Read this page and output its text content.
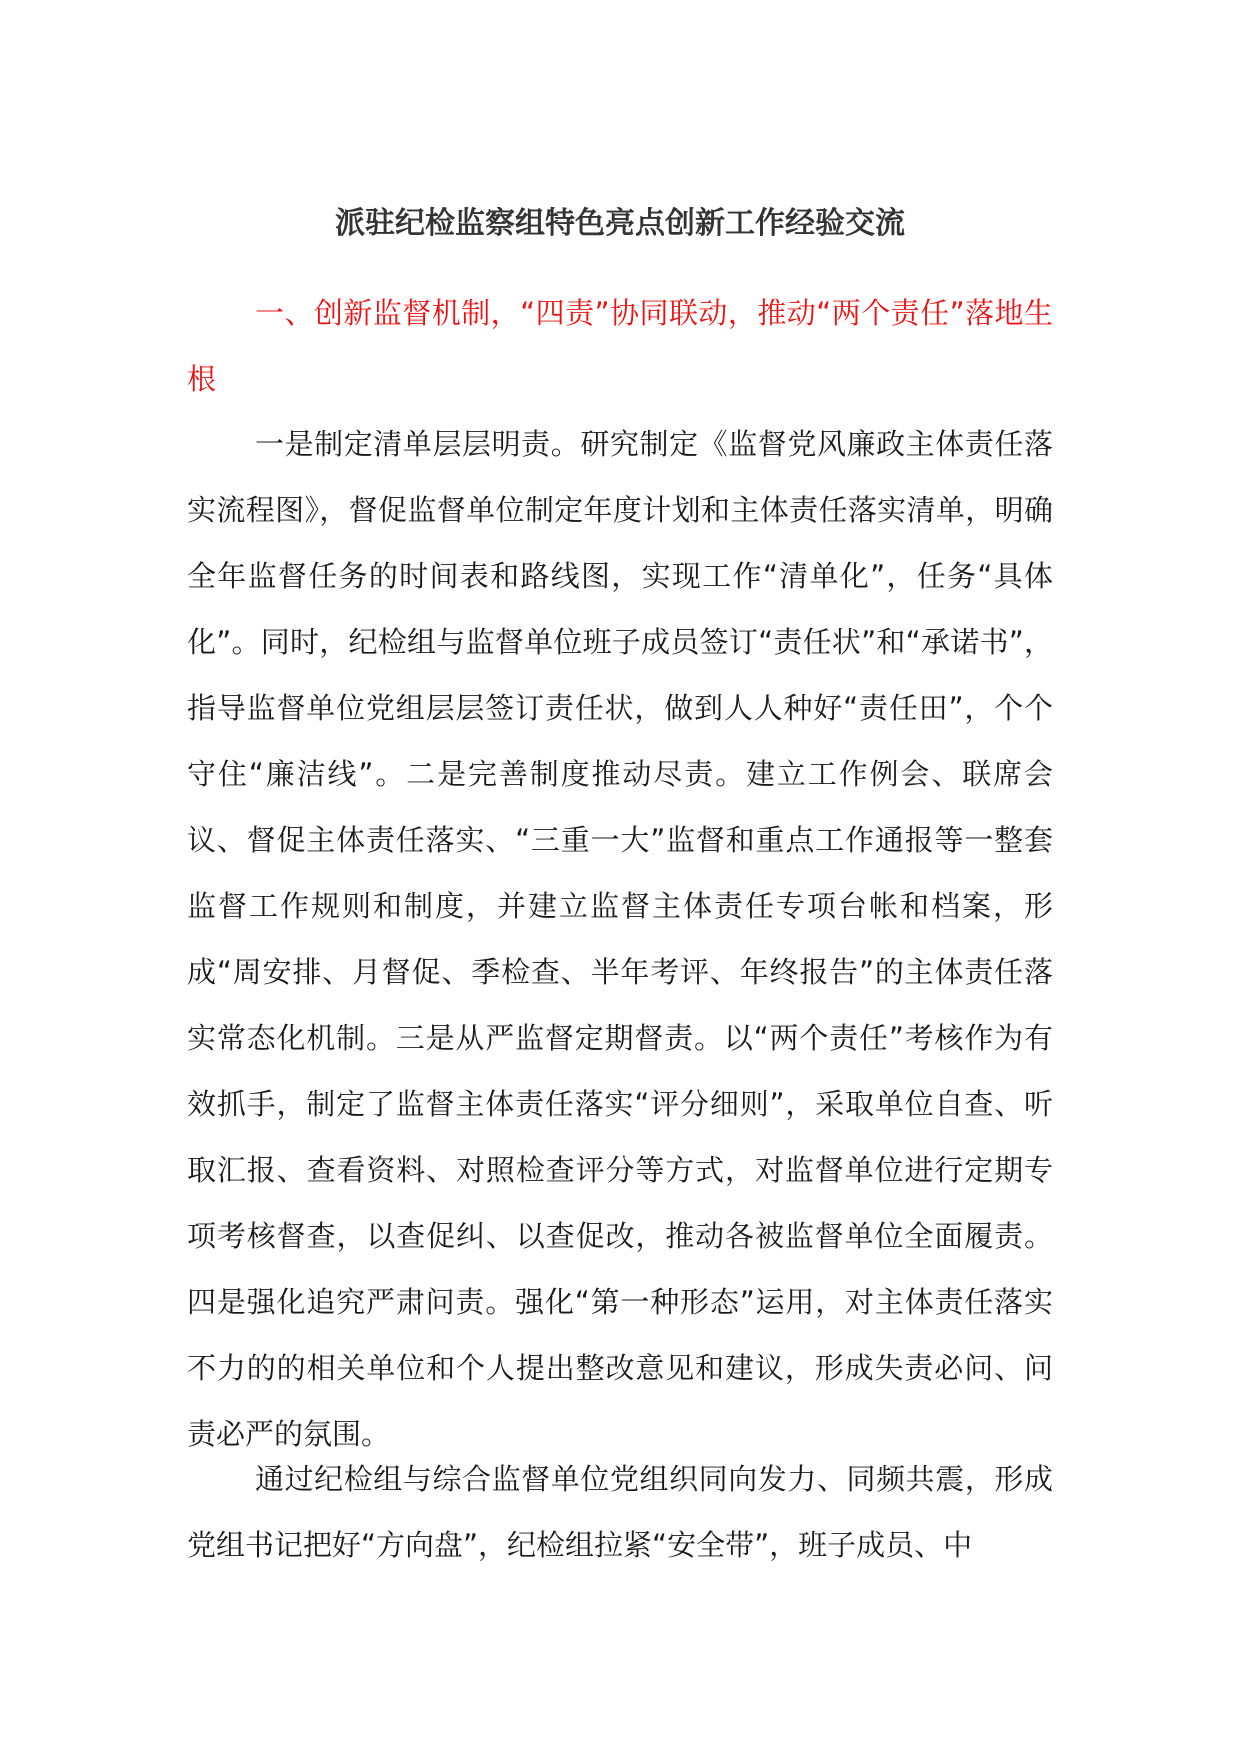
派驻纪检监察组特色亮点创新工作经验交流
一、创新监督机制，“四责”协同联动，推动“两个责任”落地生根

一是制定清单层层明责。研究制定《监督党风廉政主体责任落实流程图》，督促监督单位制定年度计划和主体责任落实清单，明确全年监督任务的时间表和路线图，实现工作“清单化”，任务“具体化”。同时，纪检组与监督单位班子成员签订“责任状”和“承诺书”，指导监督单位党组层层签订责任状，做到人人种好“责任田”，个个守住“廉洁线”。二是完善制度推动尽责。建立工作例会、联席会议、督促主体责任落实、“三重一大”监督和重点工作通报等一整套监督工作规则和制度，并建立监督主体责任专项台帐和档案，形成“周安排、月督促、季检查、半年考评、年终报告”的主体责任落实常态化机制。三是从严监督定期督责。以“两个责任”考核作为有效抓手，制定了监督主体责任落实“评分细则”，采取单位自查、听取汇报、查看资料、对照检查评分等方式，对监督单位进行定期专项考核督查，以查促纠、以查促改，推动各被监督单位全面履责。四是强化追究严肃问责。强化“第一种形态”运用，对主体责任落实不力的的相关单位和个人提出整改意见和建议，形成失责必问、问责必严的氛围。

通过纪检组与综合监督单位党组织同向发力、同频共震，形成党组书记把好“方向盘”，纪检组拉紧“安全带”，班子成员、中
